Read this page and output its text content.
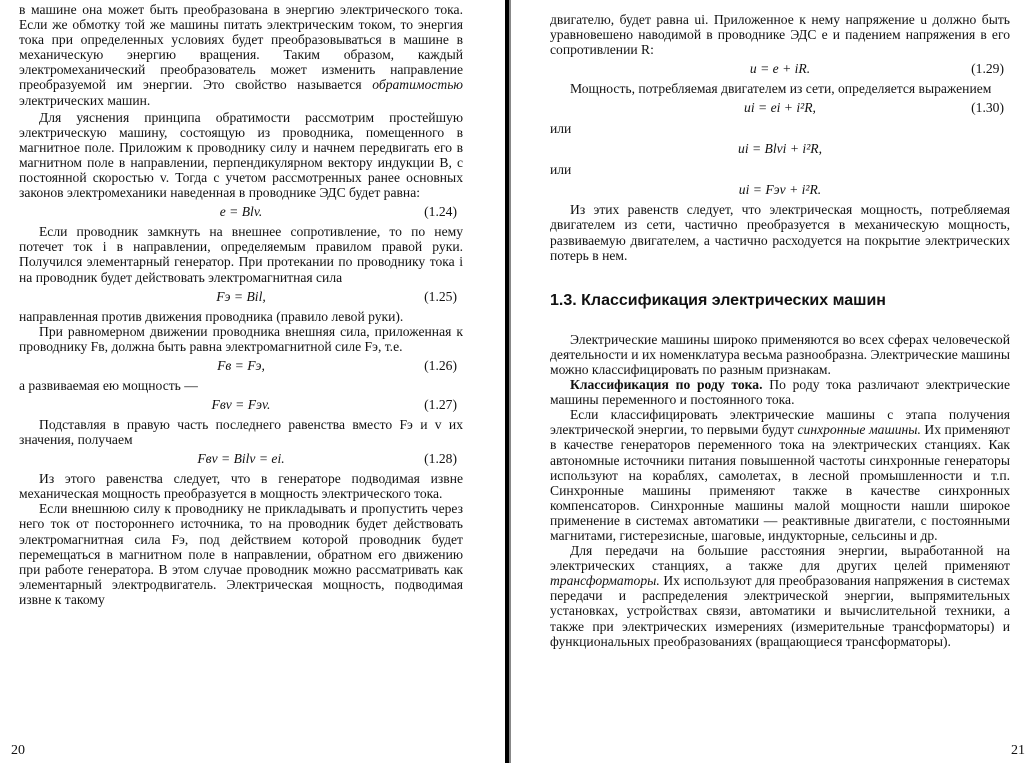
в машине она может быть преобразована в энергию электрического тока. Если же обмотку той же машины питать электрическим током, то энергия тока при определенных условиях будет преобразовываться в машине в механическую энергию вращения. Таким образом, каждый электромеханический преобразователь может изменить направление преобразуемой им энергии. Это свойство называется обратимостью электрических машин.

Для уяснения принципа обратимости рассмотрим простейшую электрическую машину, состоящую из проводника, помещенного в магнитное поле. Приложим к проводнику силу и начнем передвигать его в магнитном поле в направлении, перпендикулярном вектору индукции B, с постоянной скоростью v. Тогда с учетом рассмотренных ранее основных законов электромеханики наведенная в проводнике ЭДС будет равна:

e = Blv.	(1.24)

Если проводник замкнуть на внешнее сопротивление, то по нему потечет ток i в направлении, определяемым правилом правой руки. Получился элементарный генератор. При протекании по проводнику тока i на проводник будет действовать электромагнитная сила

Fэ = Bil,	(1.25)

направленная против движения проводника (правило левой руки).

При равномерном движении проводника внешняя сила, приложенная к проводнику Fв, должна быть равна электромагнитной силе Fэ, т.е.

Fв = Fэ,	(1.26)

а развиваемая ею мощность —

Fвv = Fэv.	(1.27)

Подставляя в правую часть последнего равенства вместо Fэ и v их значения, получаем

Fвv = Bilv = ei.	(1.28)

Из этого равенства следует, что в генераторе подводимая извне механическая мощность преобразуется в мощность электрического тока.

Если внешнюю силу к проводнику не прикладывать и пропустить через него ток от постороннего источника, то на проводник будет действовать электромагнитная сила Fэ, под действием которой проводник будет перемещаться в магнитном поле в направлении, обратном его движению при работе генератора. В этом случае проводник можно рассматривать как элементарный электродвигатель. Электрическая мощность, подводимая извне к такому

20

двигателю, будет равна ui. Приложенное к нему напряжение u должно быть уравновешено наводимой в проводнике ЭДС e и падением напряжения в его сопротивлении R:

u = e + iR.	(1.29)

Мощность, потребляемая двигателем из сети, определяется выражением

ui = ei + i²R,	(1.30)

или

ui = Blvi + i²R,

или

ui = Fэv + i²R.

Из этих равенств следует, что электрическая мощность, потребляемая двигателем из сети, частично преобразуется в механическую мощность, развиваемую двигателем, а частично расходуется на покрытие электрических потерь в нем.

1.3. Классификация электрических машин

Электрические машины широко применяются во всех сферах человеческой деятельности и их номенклатура весьма разнообразна. Электрические машины можно классифицировать по разным признакам.

Классификация по роду тока. По роду тока различают электрические машины переменного и постоянного тока.

Если классифицировать электрические машины с этапа получения электрической энергии, то первыми будут синхронные машины. Их применяют в качестве генераторов переменного тока на электрических станциях. Как автономные источники питания повышенной частоты синхронные генераторы используют на кораблях, самолетах, в лесной промышленности и т.п. Синхронные машины применяют также в качестве синхронных компенсаторов. Синхронные машины малой мощности нашли широкое применение в системах автоматики — реактивные двигатели, с постоянными магнитами, гистерезисные, шаговые, индукторные, сельсины и др.

Для передачи на большие расстояния энергии, выработанной на электрических станциях, а также для других целей применяют трансформаторы. Их используют для преобразования напряжения в системах передачи и распределения электрической энергии, выпрямительных установках, устройствах связи, автоматики и вычислительной техники, а также при электрических измерениях (измерительные трансформаторы) и функциональных преобразованиях (вращающиеся трансформаторы).

21
